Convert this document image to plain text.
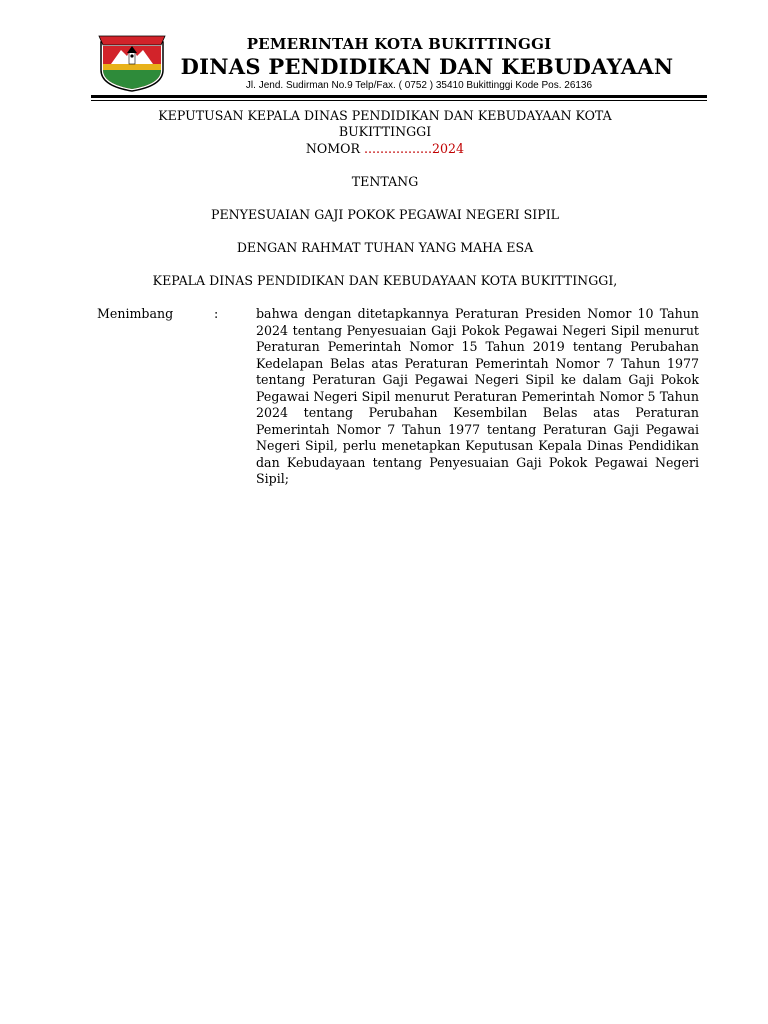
PEMERINTAH KOTA BUKITTINGGI
DINAS PENDIDIKAN DAN KEBUDAYAAN
Jl. Jend. Sudirman No.9 Telp/Fax. ( 0752 ) 35410 Bukittinggi Kode Pos. 26136
KEPUTUSAN KEPALA DINAS PENDIDIKAN DAN KEBUDAYAAN KOTA
BUKITTINGGI
NOMOR .................2024
TENTANG
PENYESUAIAN GAJI POKOK PEGAWAI NEGERI SIPIL
DENGAN RAHMAT TUHAN YANG MAHA ESA
KEPALA DINAS PENDIDIKAN DAN KEBUDAYAAN KOTA BUKITTINGGI,
Menimbang	:	bahwa dengan ditetapkannya Peraturan Presiden Nomor 10 Tahun 2024 tentang Penyesuaian Gaji Pokok Pegawai Negeri Sipil menurut Peraturan Pemerintah Nomor 15 Tahun 2019 tentang Perubahan Kedelapan Belas atas Peraturan Pemerintah Nomor 7 Tahun 1977 tentang Peraturan Gaji Pegawai Negeri Sipil ke dalam Gaji Pokok Pegawai Negeri Sipil menurut Peraturan Pemerintah Nomor 5 Tahun 2024 tentang Perubahan Kesembilan Belas atas Peraturan Pemerintah Nomor 7 Tahun 1977 tentang Peraturan Gaji Pegawai Negeri Sipil, perlu menetapkan Keputusan Kepala Dinas Pendidikan dan Kebudayaan tentang Penyesuaian Gaji Pokok Pegawai Negeri Sipil;
